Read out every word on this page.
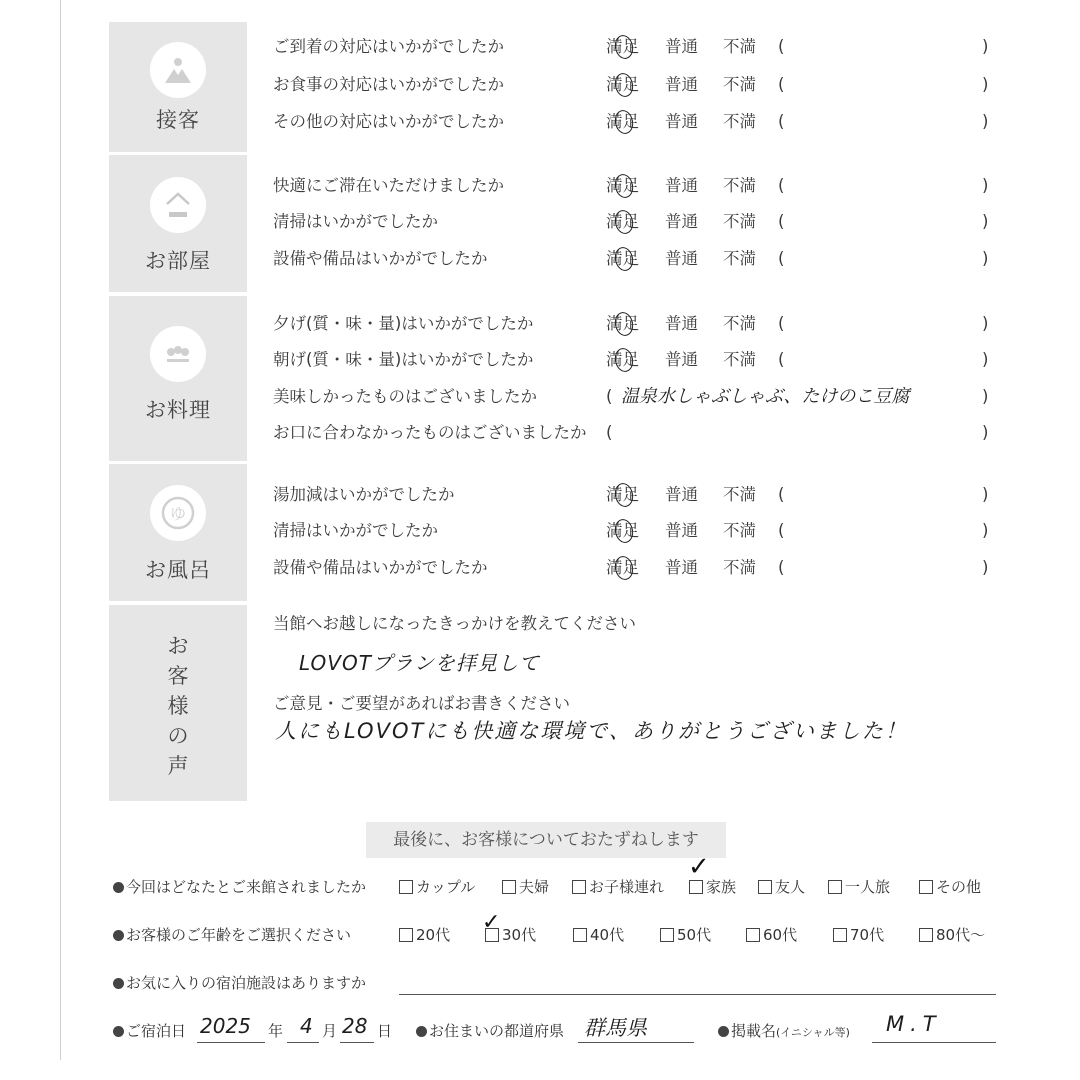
接客
ご到着の対応はいかがでしたか	満足 普通 不満 (	)
お食事の対応はいかがでしたか	満足 普通 不満 (	)
その他の対応はいかがでしたか	満足 普通 不満 (	)
お部屋
快適にご滞在いただけましたか	満足 普通 不満 (	)
清掃はいかがでしたか	満足 普通 不満 (	)
設備や備品はいかがでしたか	満足 普通 不満 (	)
お料理
夕げ(質・味・量)はいかがでしたか	満足 普通 不満 (	)
朝げ(質・味・量)はいかがでしたか	満足 普通 不満 (	)
美味しかったものはございましたか	( 温泉水しゃぶしゃぶ、たけのこ豆腐	)
お口に合わなかったものはございましたか (	)
ゆ
お風呂
湯加減はいかがでしたか	満足 普通 不満 (	)
清掃はいかがでしたか	満足 普通 不満 (	)
設備や備品はいかがでしたか	満足 普通 不満 (	)
お客様の声
当館へお越しになったきっかけを教えてください
LOVOTプランを拝見して
ご意見・ご要望があればお書きください
人にもLOVOTにも快適な環境で、ありがとうございました！
最後に、お客様についておたずねします
今回はどなたとご来館されましたか	カップル	夫婦	お子様連れ	家族	友人	一人旅	その他
✓
お客様のご年齢をご選択ください	20代	30代	40代	50代	60代	70代	80代〜
✓
お気に入りの宿泊施設はありますか
ご宿泊日 2025 年 4 月 28 日	お住まいの都道府県 群馬県	掲載名(イニシャル等) M.T
